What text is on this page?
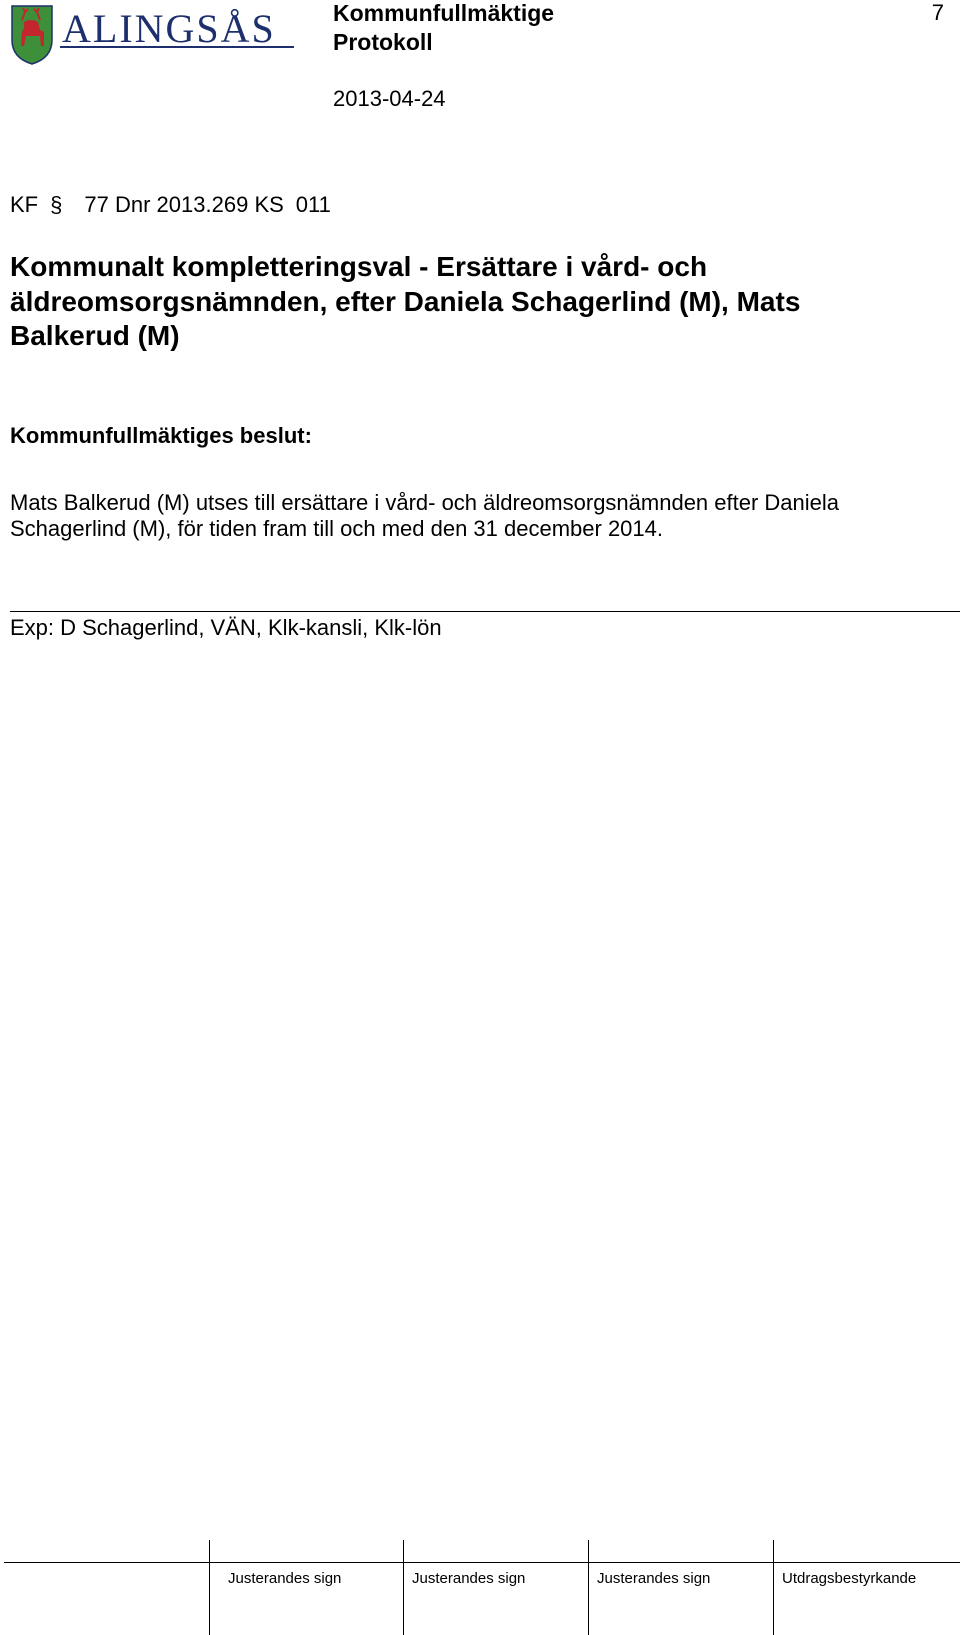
ALINGSÅS Kommunfullmäktige
Protokoll
2013-04-24
7
KF § 77 Dnr 2013.269 KS 011
Kommunalt kompletteringsval - Ersättare i vård- och äldreomsorgsnämnden, efter Daniela Schagerlind (M), Mats Balkerud (M)
Kommunfullmäktiges beslut:
Mats Balkerud (M) utses till ersättare i vård- och äldreomsorgsnämnden efter Daniela
Schagerlind (M), för tiden fram till och med den 31 december 2014.
Exp: D Schagerlind, VÄN, Klk-kansli, Klk-lön
Justerandes sign	Justerandes sign	Justerandes sign	Utdragsbestyrkande
